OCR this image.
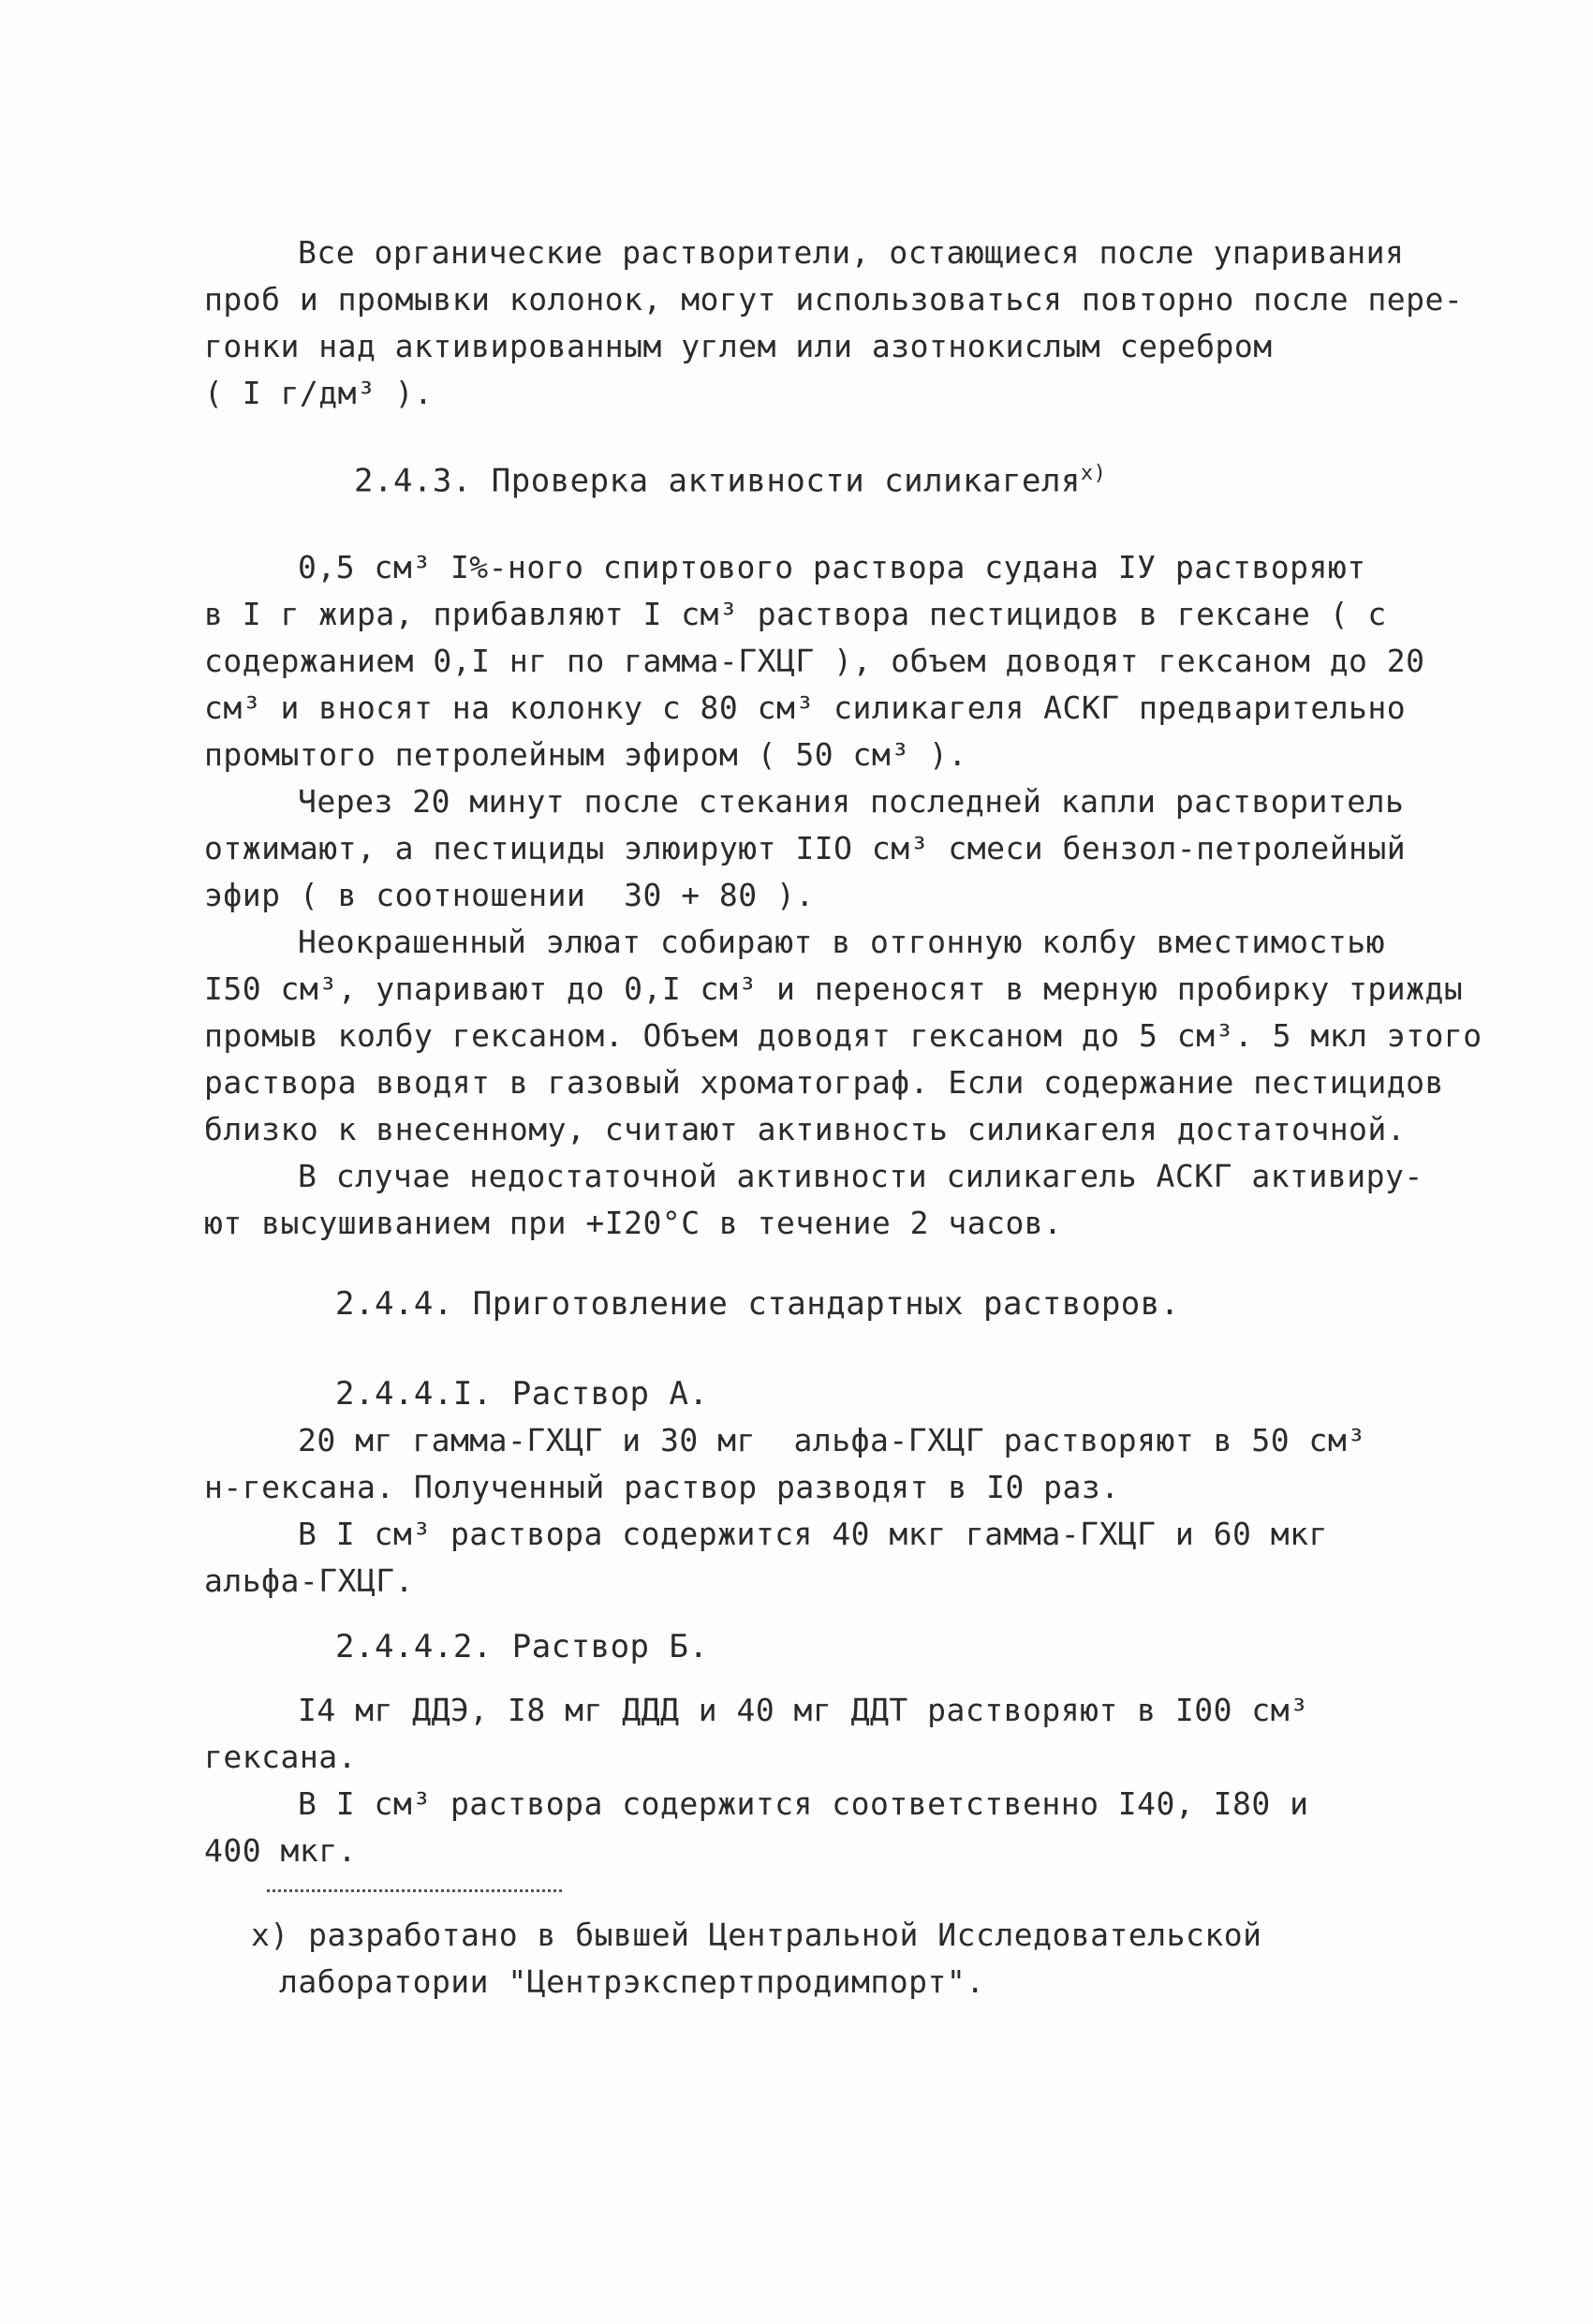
Все органические растворители, остающиеся после упаривания
проб и промывки колонок, могут использоваться повторно после пере-
гонки над активированным углем или азотнокислым серебром
( I г/дм³ ).
2.4.3. Проверка активности силикагеля$^{х)}$
0,5 см³ I%-ного спиртового раствора судана IУ растворяют
в I г жира, прибавляют I см³ раствора пестицидов в гексане ( с
содержанием 0,I нг по гамма-ГХЦГ ), объем доводят гексаном до 20
см³ и вносят на колонку с 80 см³ силикагеля АСКГ предварительно
промытого петролейным эфиром ( 50 см³ ).
Через 20 минут после стекания последней капли растворитель
отжимают, а пестициды элюируют IIO см³ смеси бензол-петролейный
эфир ( в соотношении  30 + 80 ).
Неокрашенный элюат собирают в отгонную колбу вместимостью
I50 см³, упаривают до 0,I см³ и переносят в мерную пробирку трижды
промыв колбу гексаном. Объем доводят гексаном до 5 см³. 5 мкл этого
раствора вводят в газовый хроматограф. Если содержание пестицидов
близко к внесенному, считают активность силикагеля достаточной.
В случае недостаточной активности силикагель АСКГ активиру-
ют высушиванием при +I20°С в течение 2 часов.
2.4.4. Приготовление стандартных растворов.
2.4.4.I. Раствор А.
20 мг гамма-ГХЦГ и 30 мг  альфа-ГХЦГ растворяют в 50 см³
н-гексана. Полученный раствор разводят в I0 раз.
В I см³ раствора содержится 40 мкг гамма-ГХЦГ и 60 мкг
альфа-ГХЦГ.
2.4.4.2. Раствор Б.
I4 мг ДДЭ, I8 мг ДДД и 40 мг ДДТ растворяют в I00 см³
гексана.
В I см³ раствора содержится соответственно I40, I80 и
400 мкг.
х) разработано в бывшей Центральной Исследовательской
лаборатории "Центрэкспертпродимпорт".
